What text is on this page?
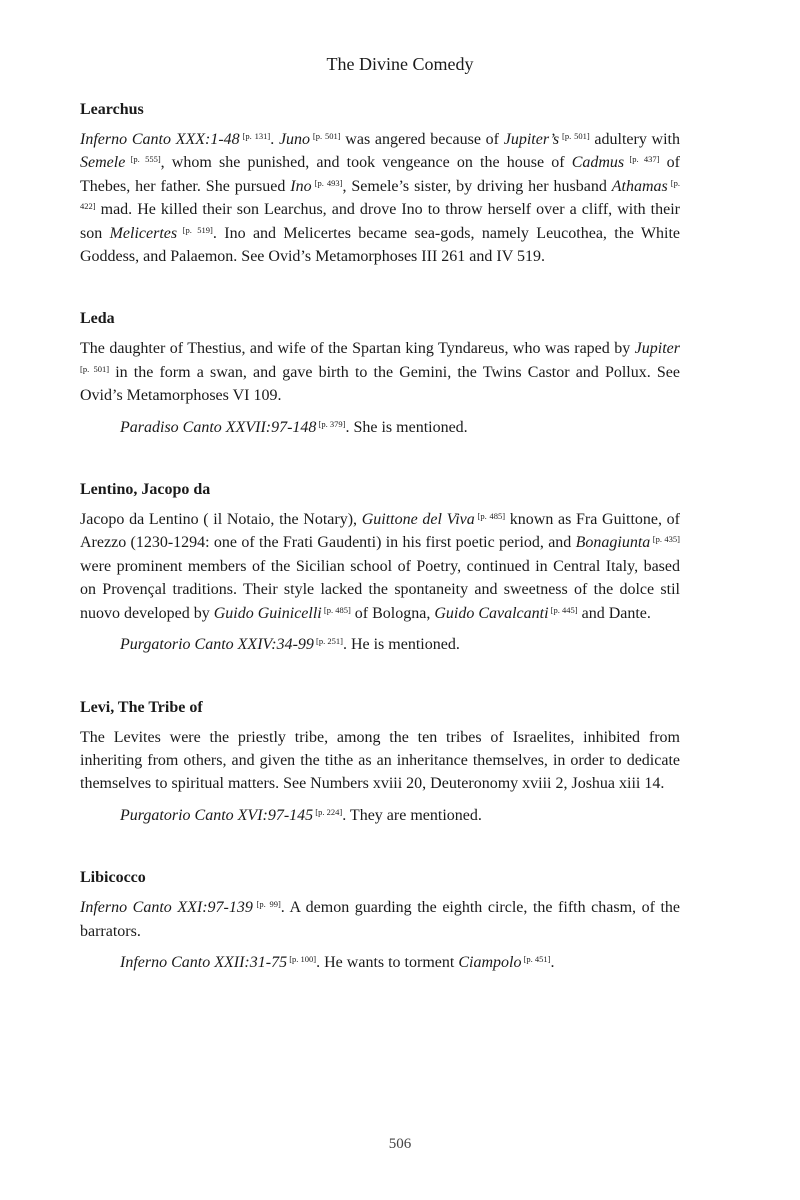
The Divine Comedy
Learchus

Inferno Canto XXX:1-48 [p. 131]. Juno [p. 501] was angered because of Jupiter’s [p. 501] adultery with Semele [p. 555], whom she punished, and took vengeance on the house of Cadmus [p. 437] of Thebes, her father. She pursued Ino [p. 493], Semele’s sister, by driving her husband Athamas [p. 422] mad. He killed their son Learchus, and drove Ino to throw herself over a cliff, with their son Melicertes [p. 519]. Ino and Melicertes became sea-gods, namely Leucothea, the White Goddess, and Palaemon. See Ovid’s Metamorphoses III 261 and IV 519.

Leda

The daughter of Thestius, and wife of the Spartan king Tyndareus, who was raped by Jupiter [p. 501] in the form a swan, and gave birth to the Gemini, the Twins Castor and Pollux. See Ovid’s Metamorphoses VI 109.

Paradiso Canto XXVII:97-148 [p. 379]. She is mentioned.

Lentino, Jacopo da

Jacopo da Lentino ( il Notaio, the Notary), Guittone del Viva [p. 485] known as Fra Guittone, of Arezzo (1230-1294: one of the Frati Gaudenti) in his first poetic period, and Bonagiunta [p. 435] were prominent members of the Sicilian school of Poetry, continued in Central Italy, based on Provençal traditions. Their style lacked the spontaneity and sweetness of the dolce stil nuovo developed by Guido Guinicelli [p. 485] of Bologna, Guido Cavalcanti [p. 445] and Dante.

Purgatorio Canto XXIV:34-99 [p. 251]. He is mentioned.

Levi, The Tribe of

The Levites were the priestly tribe, among the ten tribes of Israelites, inhibited from inheriting from others, and given the tithe as an inheritance themselves, in order to dedicate themselves to spiritual matters. See Numbers xviii 20, Deuteronomy xviii 2, Joshua xiii 14.

Purgatorio Canto XVI:97-145 [p. 224]. They are mentioned.

Libicocco

Inferno Canto XXI:97-139 [p. 99]. A demon guarding the eighth circle, the fifth chasm, of the barrators.

Inferno Canto XXII:31-75 [p. 100]. He wants to torment Ciampolo [p. 451].

506
